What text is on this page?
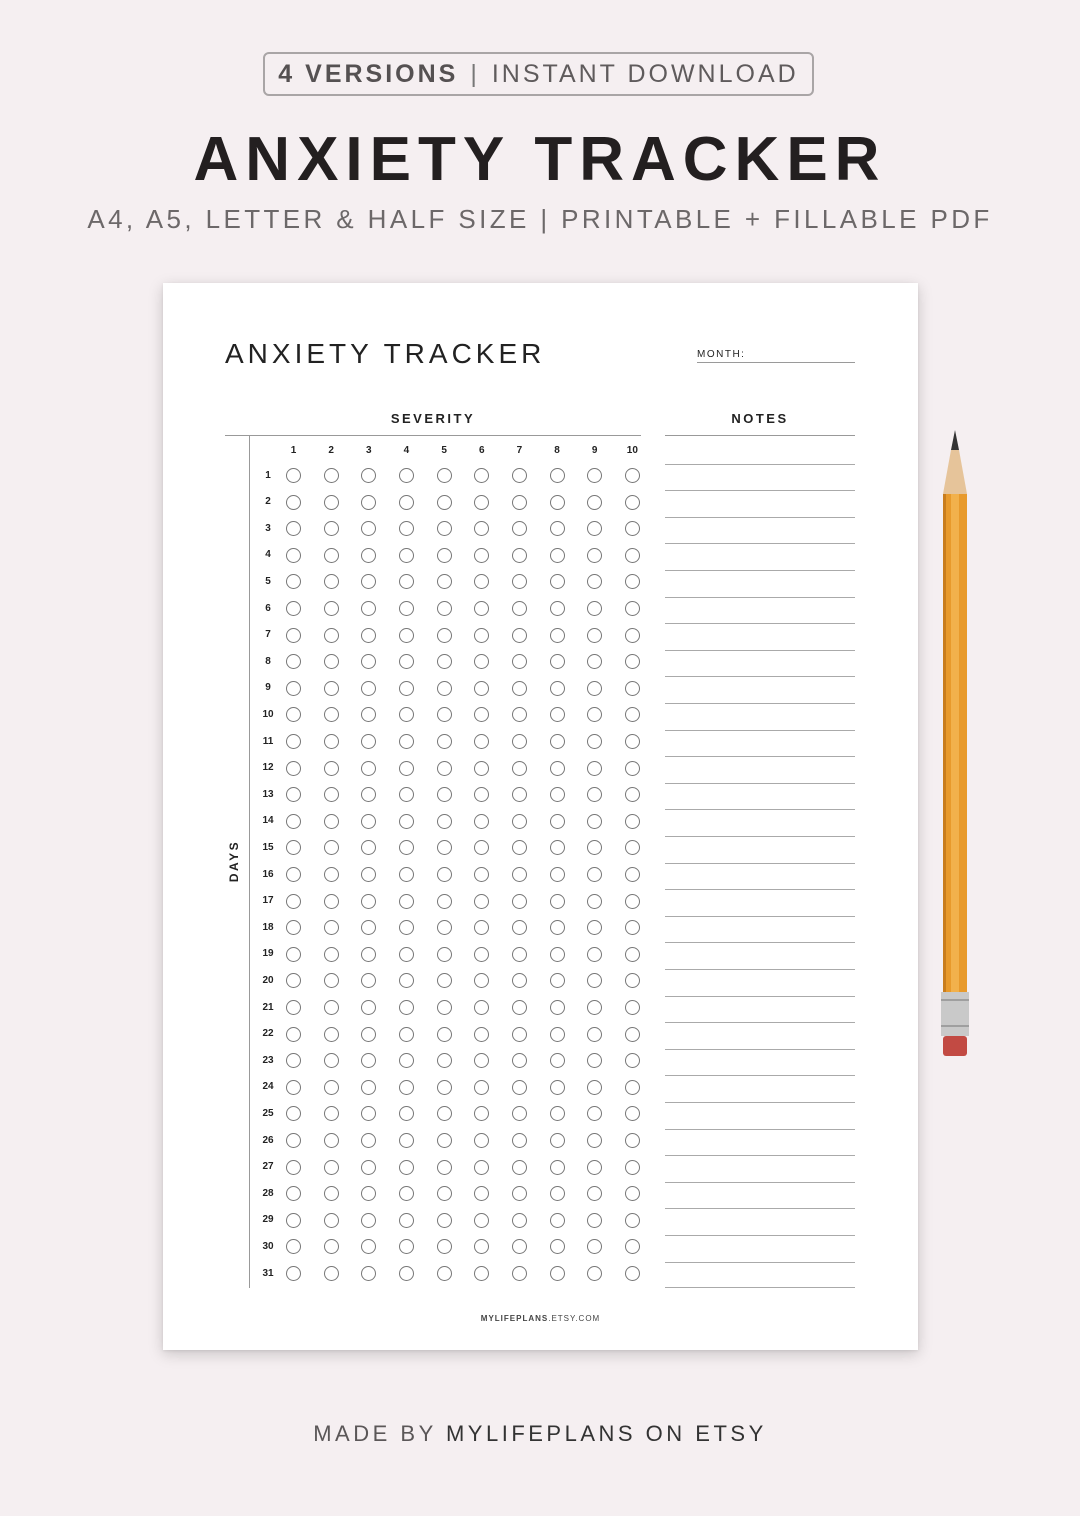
4 VERSIONS | INSTANT DOWNLOAD
ANXIETY TRACKER
A4, A5, LETTER & HALF SIZE | PRINTABLE + FILLABLE PDF
ANXIETY TRACKER	MONTH:
SEVERITY	NOTES
DAYS
1	2	3	4	5	6	7	8	9	10
1
2
3
4
5
6
7
8
9
10
11
12
13
14
15
16
17
18
19
20
21
22
23
24
25
26
27
28
29
30
31
MYLIFEPLANS.ETSY.COM
MADE BY MYLIFEPLANS ON ETSY
